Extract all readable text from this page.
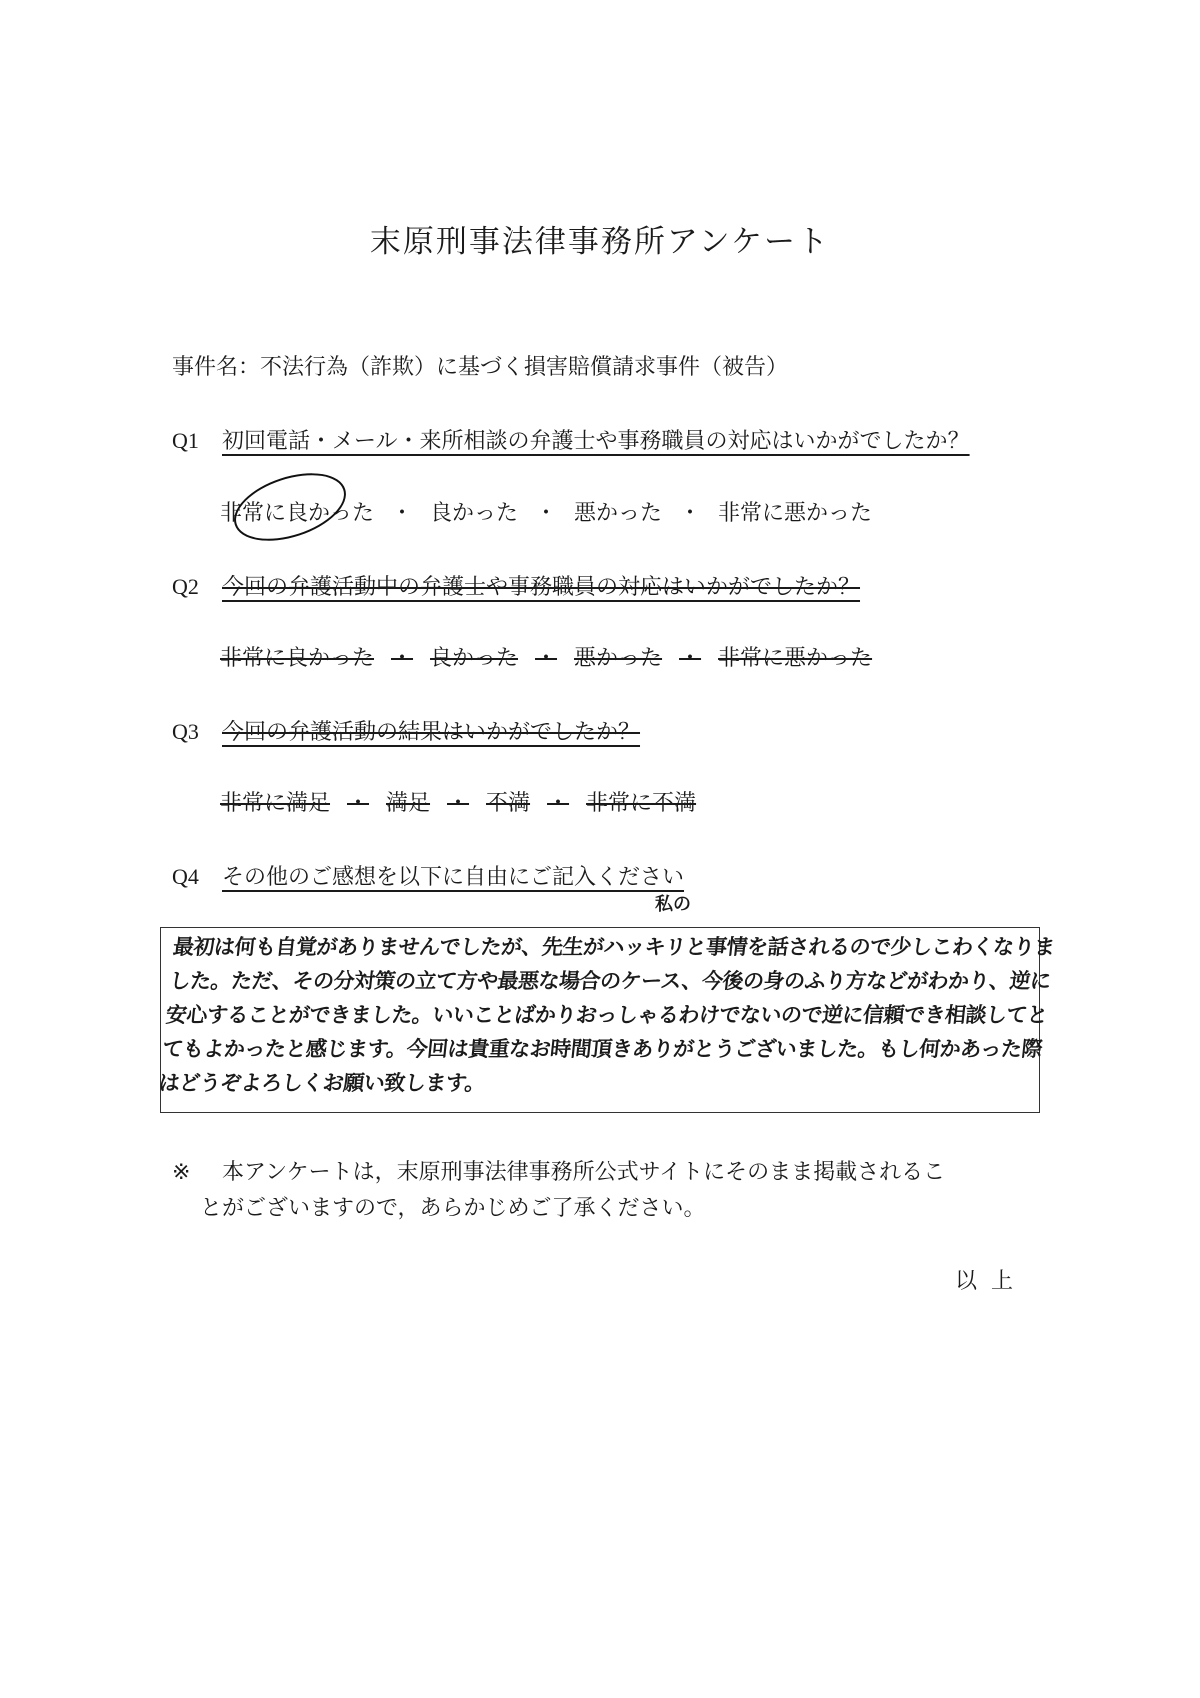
末原刑事法律事務所アンケート
事件名：不法行為（詐欺）に基づく損害賠償請求事件（被告）
Q1 初回電話・メール・来所相談の弁護士や事務職員の対応はいかがでしたか？
非常に良かった ・ 良かった ・ 悪かった ・ 非常に悪かった
Q2 今回の弁護活動中の弁護士や事務職員の対応はいかがでしたか？
非常に良かった ・ 良かった ・ 悪かった ・ 非常に悪かった
Q3 今回の弁護活動の結果はいかがでしたか？
非常に満足 ・ 満足 ・ 不満 ・ 非常に不満
Q4 その他のご感想を以下に自由にご記入ください
私の
最初は何も自覚がありませんでしたが、先生がハッキリと事情を話されるので少しこわくなりました。ただ、その分対策の立て方や最悪な場合のケース、今後の身のふり方などがわかり、逆に安心することができました。いいことばかりおっしゃるわけでないので逆に信頼でき相談してとてもよかったと感じます。今回は貴重なお時間頂きありがとうございました。もし何かあった際はどうぞよろしくお願い致します。
※ 本アンケートは，末原刑事法律事務所公式サイトにそのまま掲載されるこ
とがございますので，あらかじめご了承ください。
以上
